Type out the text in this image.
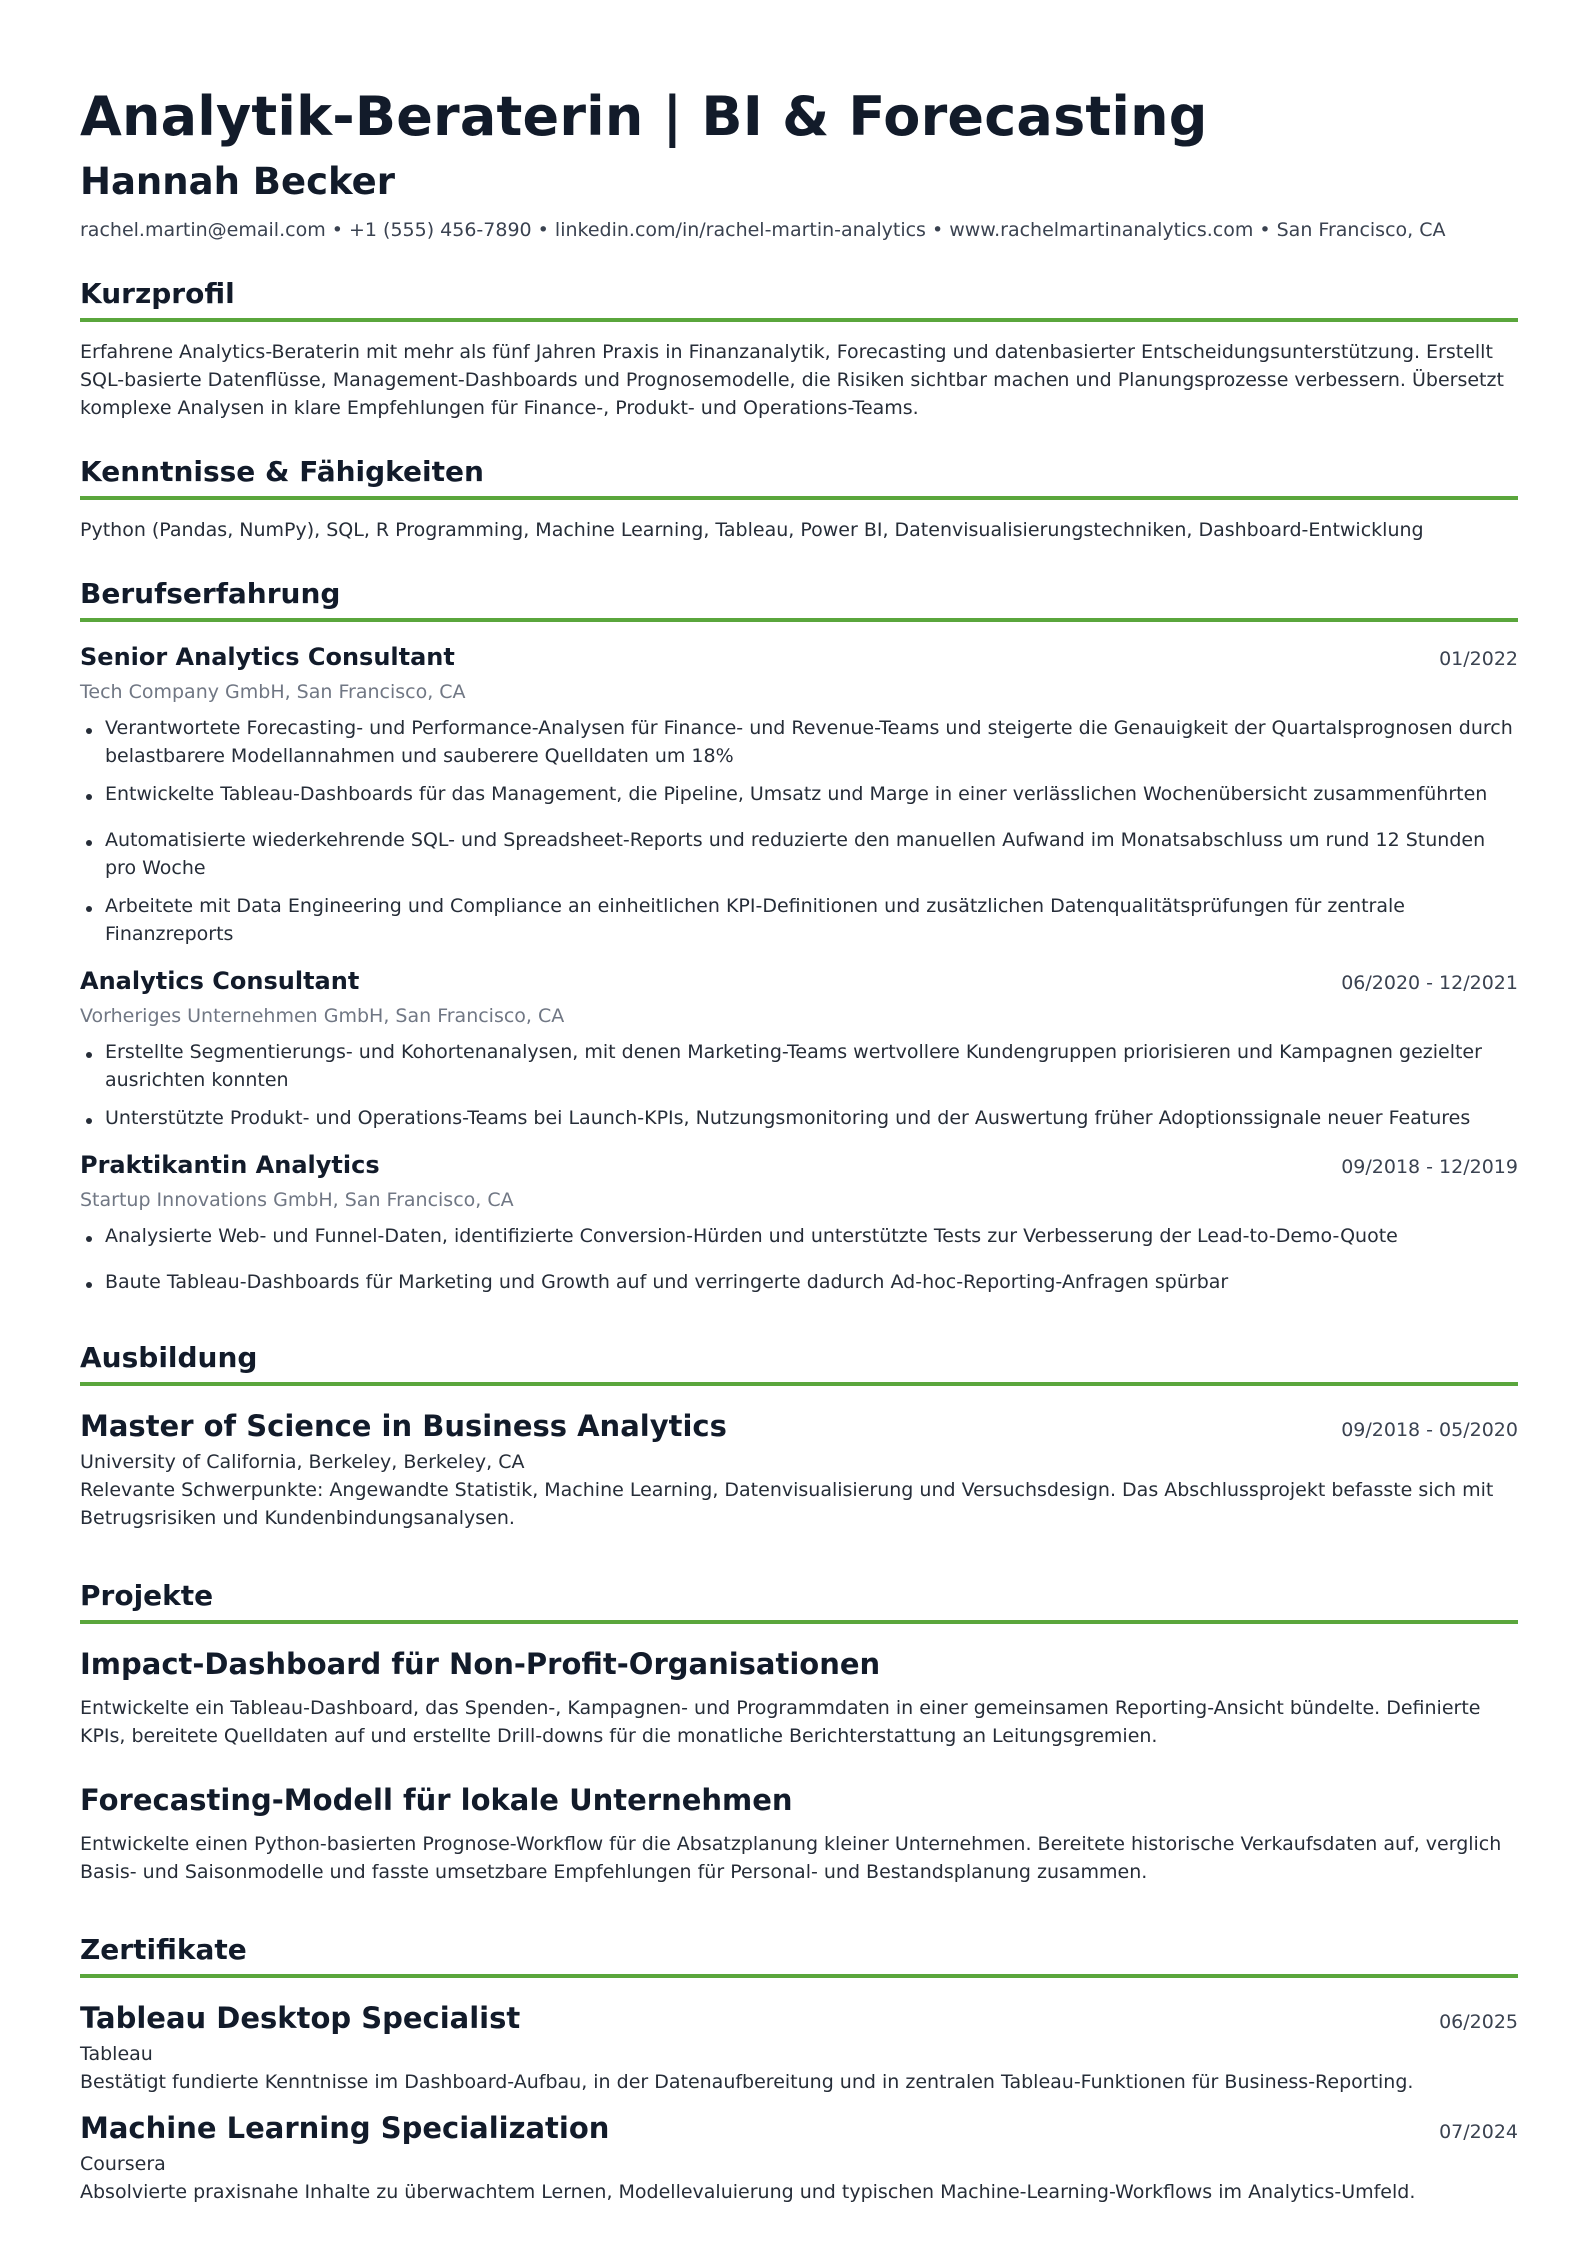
Analytik-Beraterin | BI & Forecasting
Hannah Becker
rachel.martin@email.com • +1 (555) 456-7890 • linkedin.com/in/rachel-martin-analytics • www.rachelmartinanalytics.com • San Francisco, CA
Kurzprofil
Erfahrene Analytics-Beraterin mit mehr als fünf Jahren Praxis in Finanzanalytik, Forecasting und datenbasierter Entscheidungsunterstützung. Erstellt SQL-basierte Datenflüsse, Management-Dashboards und Prognosemodelle, die Risiken sichtbar machen und Planungsprozesse verbessern. Übersetzt komplexe Analysen in klare Empfehlungen für Finance-, Produkt- und Operations-Teams.
Kenntnisse & Fähigkeiten
Python (Pandas, NumPy), SQL, R Programming, Machine Learning, Tableau, Power BI, Datenvisualisierungstechniken, Dashboard-Entwicklung
Berufserfahrung
Senior Analytics Consultant	01/2022
Tech Company GmbH, San Francisco, CA
Verantwortete Forecasting- und Performance-Analysen für Finance- und Revenue-Teams und steigerte die Genauigkeit der Quartalsprognosen durch belastbarere Modellannahmen und sauberere Quelldaten um 18%
Entwickelte Tableau-Dashboards für das Management, die Pipeline, Umsatz und Marge in einer verlässlichen Wochenübersicht zusammenführten
Automatisierte wiederkehrende SQL- und Spreadsheet-Reports und reduzierte den manuellen Aufwand im Monatsabschluss um rund 12 Stunden pro Woche
Arbeitete mit Data Engineering und Compliance an einheitlichen KPI-Definitionen und zusätzlichen Datenqualitätsprüfungen für zentrale Finanzreports
Analytics Consultant	06/2020 - 12/2021
Vorheriges Unternehmen GmbH, San Francisco, CA
Erstellte Segmentierungs- und Kohortenanalysen, mit denen Marketing-Teams wertvollere Kundengruppen priorisieren und Kampagnen gezielter ausrichten konnten
Unterstützte Produkt- und Operations-Teams bei Launch-KPIs, Nutzungsmonitoring und der Auswertung früher Adoptionssignale neuer Features
Praktikantin Analytics	09/2018 - 12/2019
Startup Innovations GmbH, San Francisco, CA
Analysierte Web- und Funnel-Daten, identifizierte Conversion-Hürden und unterstützte Tests zur Verbesserung der Lead-to-Demo-Quote
Baute Tableau-Dashboards für Marketing und Growth auf und verringerte dadurch Ad-hoc-Reporting-Anfragen spürbar
Ausbildung
Master of Science in Business Analytics	09/2018 - 05/2020
University of California, Berkeley, Berkeley, CA
Relevante Schwerpunkte: Angewandte Statistik, Machine Learning, Datenvisualisierung und Versuchsdesign. Das Abschlussprojekt befasste sich mit Betrugsrisiken und Kundenbindungsanalysen.
Projekte
Impact-Dashboard für Non-Profit-Organisationen
Entwickelte ein Tableau-Dashboard, das Spenden-, Kampagnen- und Programmdaten in einer gemeinsamen Reporting-Ansicht bündelte. Definierte KPIs, bereitete Quelldaten auf und erstellte Drill-downs für die monatliche Berichterstattung an Leitungsgremien.
Forecasting-Modell für lokale Unternehmen
Entwickelte einen Python-basierten Prognose-Workflow für die Absatzplanung kleiner Unternehmen. Bereitete historische Verkaufsdaten auf, verglich Basis- und Saisonmodelle und fasste umsetzbare Empfehlungen für Personal- und Bestandsplanung zusammen.
Zertifikate
Tableau Desktop Specialist	06/2025
Tableau
Bestätigt fundierte Kenntnisse im Dashboard-Aufbau, in der Datenaufbereitung und in zentralen Tableau-Funktionen für Business-Reporting.
Machine Learning Specialization	07/2024
Coursera
Absolvierte praxisnahe Inhalte zu überwachtem Lernen, Modellevaluierung und typischen Machine-Learning-Workflows im Analytics-Umfeld.
